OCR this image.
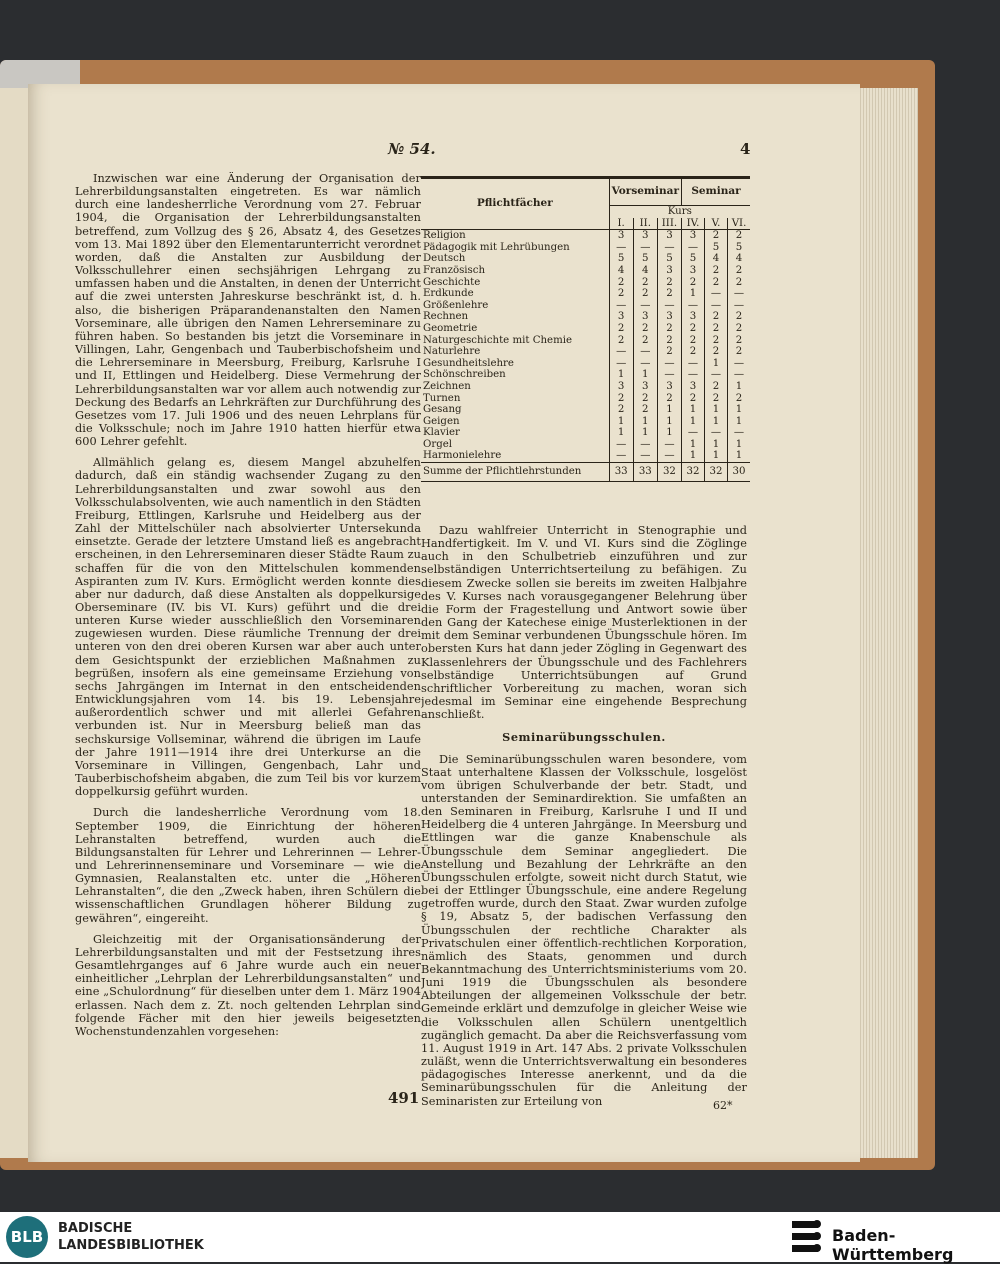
№ 54.	4

Inzwischen war eine Änderung der Organisation der Lehrerbildungsanstalten eingetreten. Es war nämlich durch eine landesherrliche Verordnung vom 27. Februar 1904, die Organisation der Lehrerbildungsanstalten betreffend, zum Vollzug des § 26, Absatz 4, des Gesetzes vom 13. Mai 1892 über den Elementarunterricht verordnet worden, daß die Anstalten zur Ausbildung der Volksschullehrer einen sechsjährigen Lehrgang zu umfassen haben und die Anstalten, in denen der Unterricht auf die zwei untersten Jahreskurse beschränkt ist, d. h. also, die bisherigen Präparandenanstalten den Namen Vorseminare, alle übrigen den Namen Lehrerseminare zu führen haben. So bestanden bis jetzt die Vorseminare in Villingen, Lahr, Gengenbach und Tauberbischofsheim und die Lehrerseminare in Meersburg, Freiburg, Karlsruhe I und II, Ettlingen und Heidelberg. Diese Vermehrung der Lehrerbildungsanstalten war vor allem auch notwendig zur Deckung des Bedarfs an Lehrkräften zur Durchführung des Gesetzes vom 17. Juli 1906 und des neuen Lehrplans für die Volksschule; noch im Jahre 1910 hatten hierfür etwa 600 Lehrer gefehlt.

Allmählich gelang es, diesem Mangel abzuhelfen dadurch, daß ein ständig wachsender Zugang zu den Lehrerbildungsanstalten und zwar sowohl aus den Volksschulabsolventen, wie auch namentlich in den Städten Freiburg, Ettlingen, Karlsruhe und Heidelberg aus der Zahl der Mittelschüler nach absolvierter Untersekunda einsetzte. Gerade der letztere Umstand ließ es angebracht erscheinen, in den Lehrerseminaren dieser Städte Raum zu schaffen für die von den Mittelschulen kommenden Aspiranten zum IV. Kurs. Ermöglicht werden konnte dies aber nur dadurch, daß diese Anstalten als doppelkursige Oberseminare (IV. bis VI. Kurs) geführt und die drei unteren Kurse wieder ausschließlich den Vorseminaren zugewiesen wurden. Diese räumliche Trennung der drei unteren von den drei oberen Kursen war aber auch unter dem Gesichtspunkt der erzieblichen Maßnahmen zu begrüßen, insofern als eine gemeinsame Erziehung von sechs Jahrgängen im Internat in den entscheidenden Entwicklungsjahren vom 14. bis 19. Lebensjahre außerordentlich schwer und mit allerlei Gefahren verbunden ist. Nur in Meersburg beließ man das sechskursige Vollseminar, während die übrigen im Laufe der Jahre 1911—1914 ihre drei Unterkurse an die Vorseminare in Villingen, Gengenbach, Lahr und Tauberbischofsheim abgaben, die zum Teil bis vor kurzem doppelkursig geführt wurden.

Durch die landesherrliche Verordnung vom 18. September 1909, die Einrichtung der höheren Lehranstalten betreffend, wurden auch die Bildungsanstalten für Lehrer und Lehrerinnen — Lehrer- und Lehrerinnenseminare und Vorseminare — wie die Gymnasien, Realanstalten etc. unter die „Höheren Lehranstalten“, die den „Zweck haben, ihren Schülern die wissenschaftlichen Grundlagen höherer Bildung zu gewähren“, eingereiht.

Gleichzeitig mit der Organisationsänderung der Lehrerbildungsanstalten und mit der Festsetzung ihres Gesamtlehrganges auf 6 Jahre wurde auch ein neuer einheitlicher „Lehrplan der Lehrerbildungsanstalten“ und eine „Schulordnung“ für dieselben unter dem 1. März 1904 erlassen. Nach dem z. Zt. noch geltenden Lehrplan sind folgende Fächer mit den hier jeweils beigesetzten Wochenstundenzahlen vorgesehen:

Pflichtfächer	Vorseminar			Seminar		
	Kurs					
	I.	II.	III.	IV.	V.	VI.
Religion	3	3	3	3	2	2
Pädagogik mit Lehrübungen	—	—	—	—	5	5
Deutsch	5	5	5	5	4	4
Französisch	4	4	3	3	2	2
Geschichte	2	2	2	2	2	2
Erdkunde	2	2	2	1	—	—
Größenlehre	—	—	—	—	—	—
Rechnen	3	3	3	3	2	2
Geometrie	2	2	2	2	2	2
Naturgeschichte mit Chemie	2	2	2	2	2	2
Naturlehre	—	—	2	2	2	2
Gesundheitslehre	—	—	—	—	1	—
Schönschreiben	1	1	—	—	—	—
Zeichnen	3	3	3	3	2	1
Turnen	2	2	2	2	2	2
Gesang	2	2	1	1	1	1
Geigen	1	1	1	1	1	1
Klavier	1	1	1	—	—	—
Orgel	—	—	—	1	1	1
Harmonielehre	—	—	—	1	1	1
Summe der Pflichtlehrstunden	33	33	32	32	32	30

Dazu wahlfreier Unterricht in Stenographie und Handfertigkeit. Im V. und VI. Kurs sind die Zöglinge auch in den Schulbetrieb einzuführen und zur selbständigen Unterrichtserteilung zu befähigen. Zu diesem Zwecke sollen sie bereits im zweiten Halbjahre des V. Kurses nach vorausgegangener Belehrung über die Form der Fragestellung und Antwort sowie über den Gang der Katechese einige Musterlektionen in der mit dem Seminar verbundenen Übungsschule hören. Im obersten Kurs hat dann jeder Zögling in Gegenwart des Klassenlehrers der Übungsschule und des Fachlehrers selbständige Unterrichtsübungen auf Grund schriftlicher Vorbereitung zu machen, woran sich jedesmal im Seminar eine eingehende Besprechung anschließt.

Seminarübungsschulen.

Die Seminarübungsschulen waren besondere, vom Staat unterhaltene Klassen der Volksschule, losgelöst vom übrigen Schulverbande der betr. Stadt, und unterstanden der Seminardirektion. Sie umfaßten an den Seminaren in Freiburg, Karlsruhe I und II und Heidelberg die 4 unteren Jahrgänge. In Meersburg und Ettlingen war die ganze Knabenschule als Übungsschule dem Seminar angegliedert. Die Anstellung und Bezahlung der Lehrkräfte an den Übungsschulen erfolgte, soweit nicht durch Statut, wie bei der Ettlinger Übungsschule, eine andere Regelung getroffen wurde, durch den Staat. Zwar wurden zufolge § 19, Absatz 5, der badischen Verfassung den Übungsschulen der rechtliche Charakter als Privatschulen einer öffentlich-rechtlichen Korporation, nämlich des Staats, genommen und durch Bekanntmachung des Unterrichtsministeriums vom 20. Juni 1919 die Übungsschulen als besondere Abteilungen der allgemeinen Volksschule der betr. Gemeinde erklärt und demzufolge in gleicher Weise wie die Volksschulen allen Schülern unentgeltlich zugänglich gemacht. Da aber die Reichsverfassung vom 11. August 1919 in Art. 147 Abs. 2 private Volksschulen zuläßt, wenn die Unterrichtsverwaltung ein besonderes pädagogisches Interesse anerkennt, und da die Seminarübungsschulen für die Anleitung der Seminaristen zur Erteilung von

491	62*
BLB	BADISCHE
LANDESBIBLIOTHEK
Baden-Württemberg
